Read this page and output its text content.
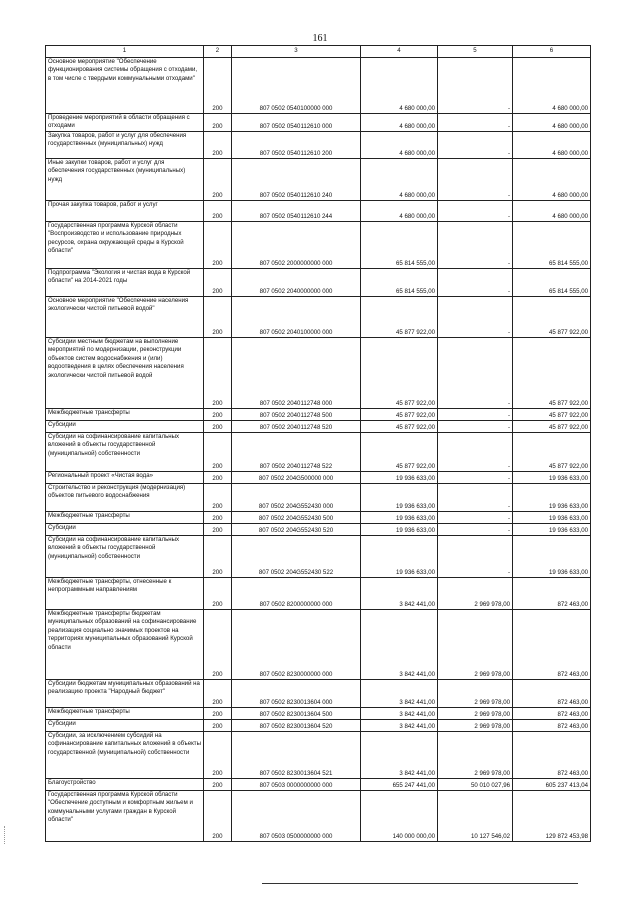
161
1	2	3	4	5	6
Основное мероприятие "Обеспечение функционирования системы обращения с отходами, в том числе с твердыми коммунальными отходами"	200	807 0502 0540100000 000	4 680 000,00	-	4 680 000,00
Проведение мероприятий в области обращения с отходами	200	807 0502 0540112610 000	4 680 000,00	-	4 680 000,00
Закупка товаров, работ и услуг для обеспечения государственных (муниципальных) нужд	200	807 0502 0540112610 200	4 680 000,00	-	4 680 000,00
Иные закупки товаров, работ и услуг для обеспечения государственных (муниципальных) нужд	200	807 0502 0540112610 240	4 680 000,00	-	4 680 000,00
Прочая закупка товаров, работ и услуг	200	807 0502 0540112610 244	4 680 000,00	-	4 680 000,00
Государственная программа Курской области "Воспроизводство и использование природных ресурсов, охрана окружающей среды в Курской области"	200	807 0502 2000000000 000	65 814 555,00	-	65 814 555,00
Подпрограмма "Экология и чистая вода в Курской области" на 2014-2021 годы	200	807 0502 2040000000 000	65 814 555,00	-	65 814 555,00
Основное мероприятие "Обеспечение населения экологически чистой питьевой водой"	200	807 0502 2040100000 000	45 877 922,00	-	45 877 922,00
Субсидии местным бюджетам на выполнение мероприятий по модернизации, реконструкции объектов систем водоснабжения и (или) водоотведения в целях обеспечения населения экологически чистой питьевой водой	200	807 0502 2040112748 000	45 877 922,00	-	45 877 922,00
Межбюджетные трансферты	200	807 0502 2040112748 500	45 877 922,00	-	45 877 922,00
Субсидии	200	807 0502 2040112748 520	45 877 922,00	-	45 877 922,00
Субсидии на софинансирование капитальных вложений в объекты государственной (муниципальной) собственности	200	807 0502 2040112748 522	45 877 922,00	-	45 877 922,00
Региональный проект «Чистая вода»	200	807 0502 204G500000 000	19 936 633,00	-	19 936 633,00
Строительство и реконструкция (модернизация) объектов питьевого водоснабжения	200	807 0502 204G552430 000	19 936 633,00	-	19 936 633,00
Межбюджетные трансферты	200	807 0502 204G552430 500	19 936 633,00	-	19 936 633,00
Субсидии	200	807 0502 204G552430 520	19 936 633,00	-	19 936 633,00
Субсидии на софинансирование капитальных вложений в объекты государственной (муниципальной) собственности	200	807 0502 204G552430 522	19 936 633,00	-	19 936 633,00
Межбюджетные трансферты, отнесенные к непрограммным направлениям	200	807 0502 8200000000 000	3 842 441,00	2 969 978,00	872 463,00
Межбюджетные трансферты бюджетам муниципальных образований на софинансирование реализация социально значимых проектов на территориях муниципальных образований Курской области	200	807 0502 8230000000 000	3 842 441,00	2 969 978,00	872 463,00
Субсидии бюджетам муниципальных образований на реализацию проекта "Народный бюджет"	200	807 0502 8230013604 000	3 842 441,00	2 969 978,00	872 463,00
Межбюджетные трансферты	200	807 0502 8230013604 500	3 842 441,00	2 969 978,00	872 463,00
Субсидии	200	807 0502 8230013604 520	3 842 441,00	2 969 978,00	872 463,00
Субсидии, за исключением субсидий на софинансирование капитальных вложений в объекты государственной (муниципальной) собственности	200	807 0502 8230013604 521	3 842 441,00	2 969 978,00	872 463,00
Благоустройство	200	807 0503 0000000000 000	655 247 441,00	50 010 027,96	605 237 413,04
Государственная программа Курской области "Обеспечение доступным и комфортным жильем и коммунальными услугами граждан в Курской области"	200	807 0503 0500000000 000	140 000 000,00	10 127 546,02	129 872 453,98
